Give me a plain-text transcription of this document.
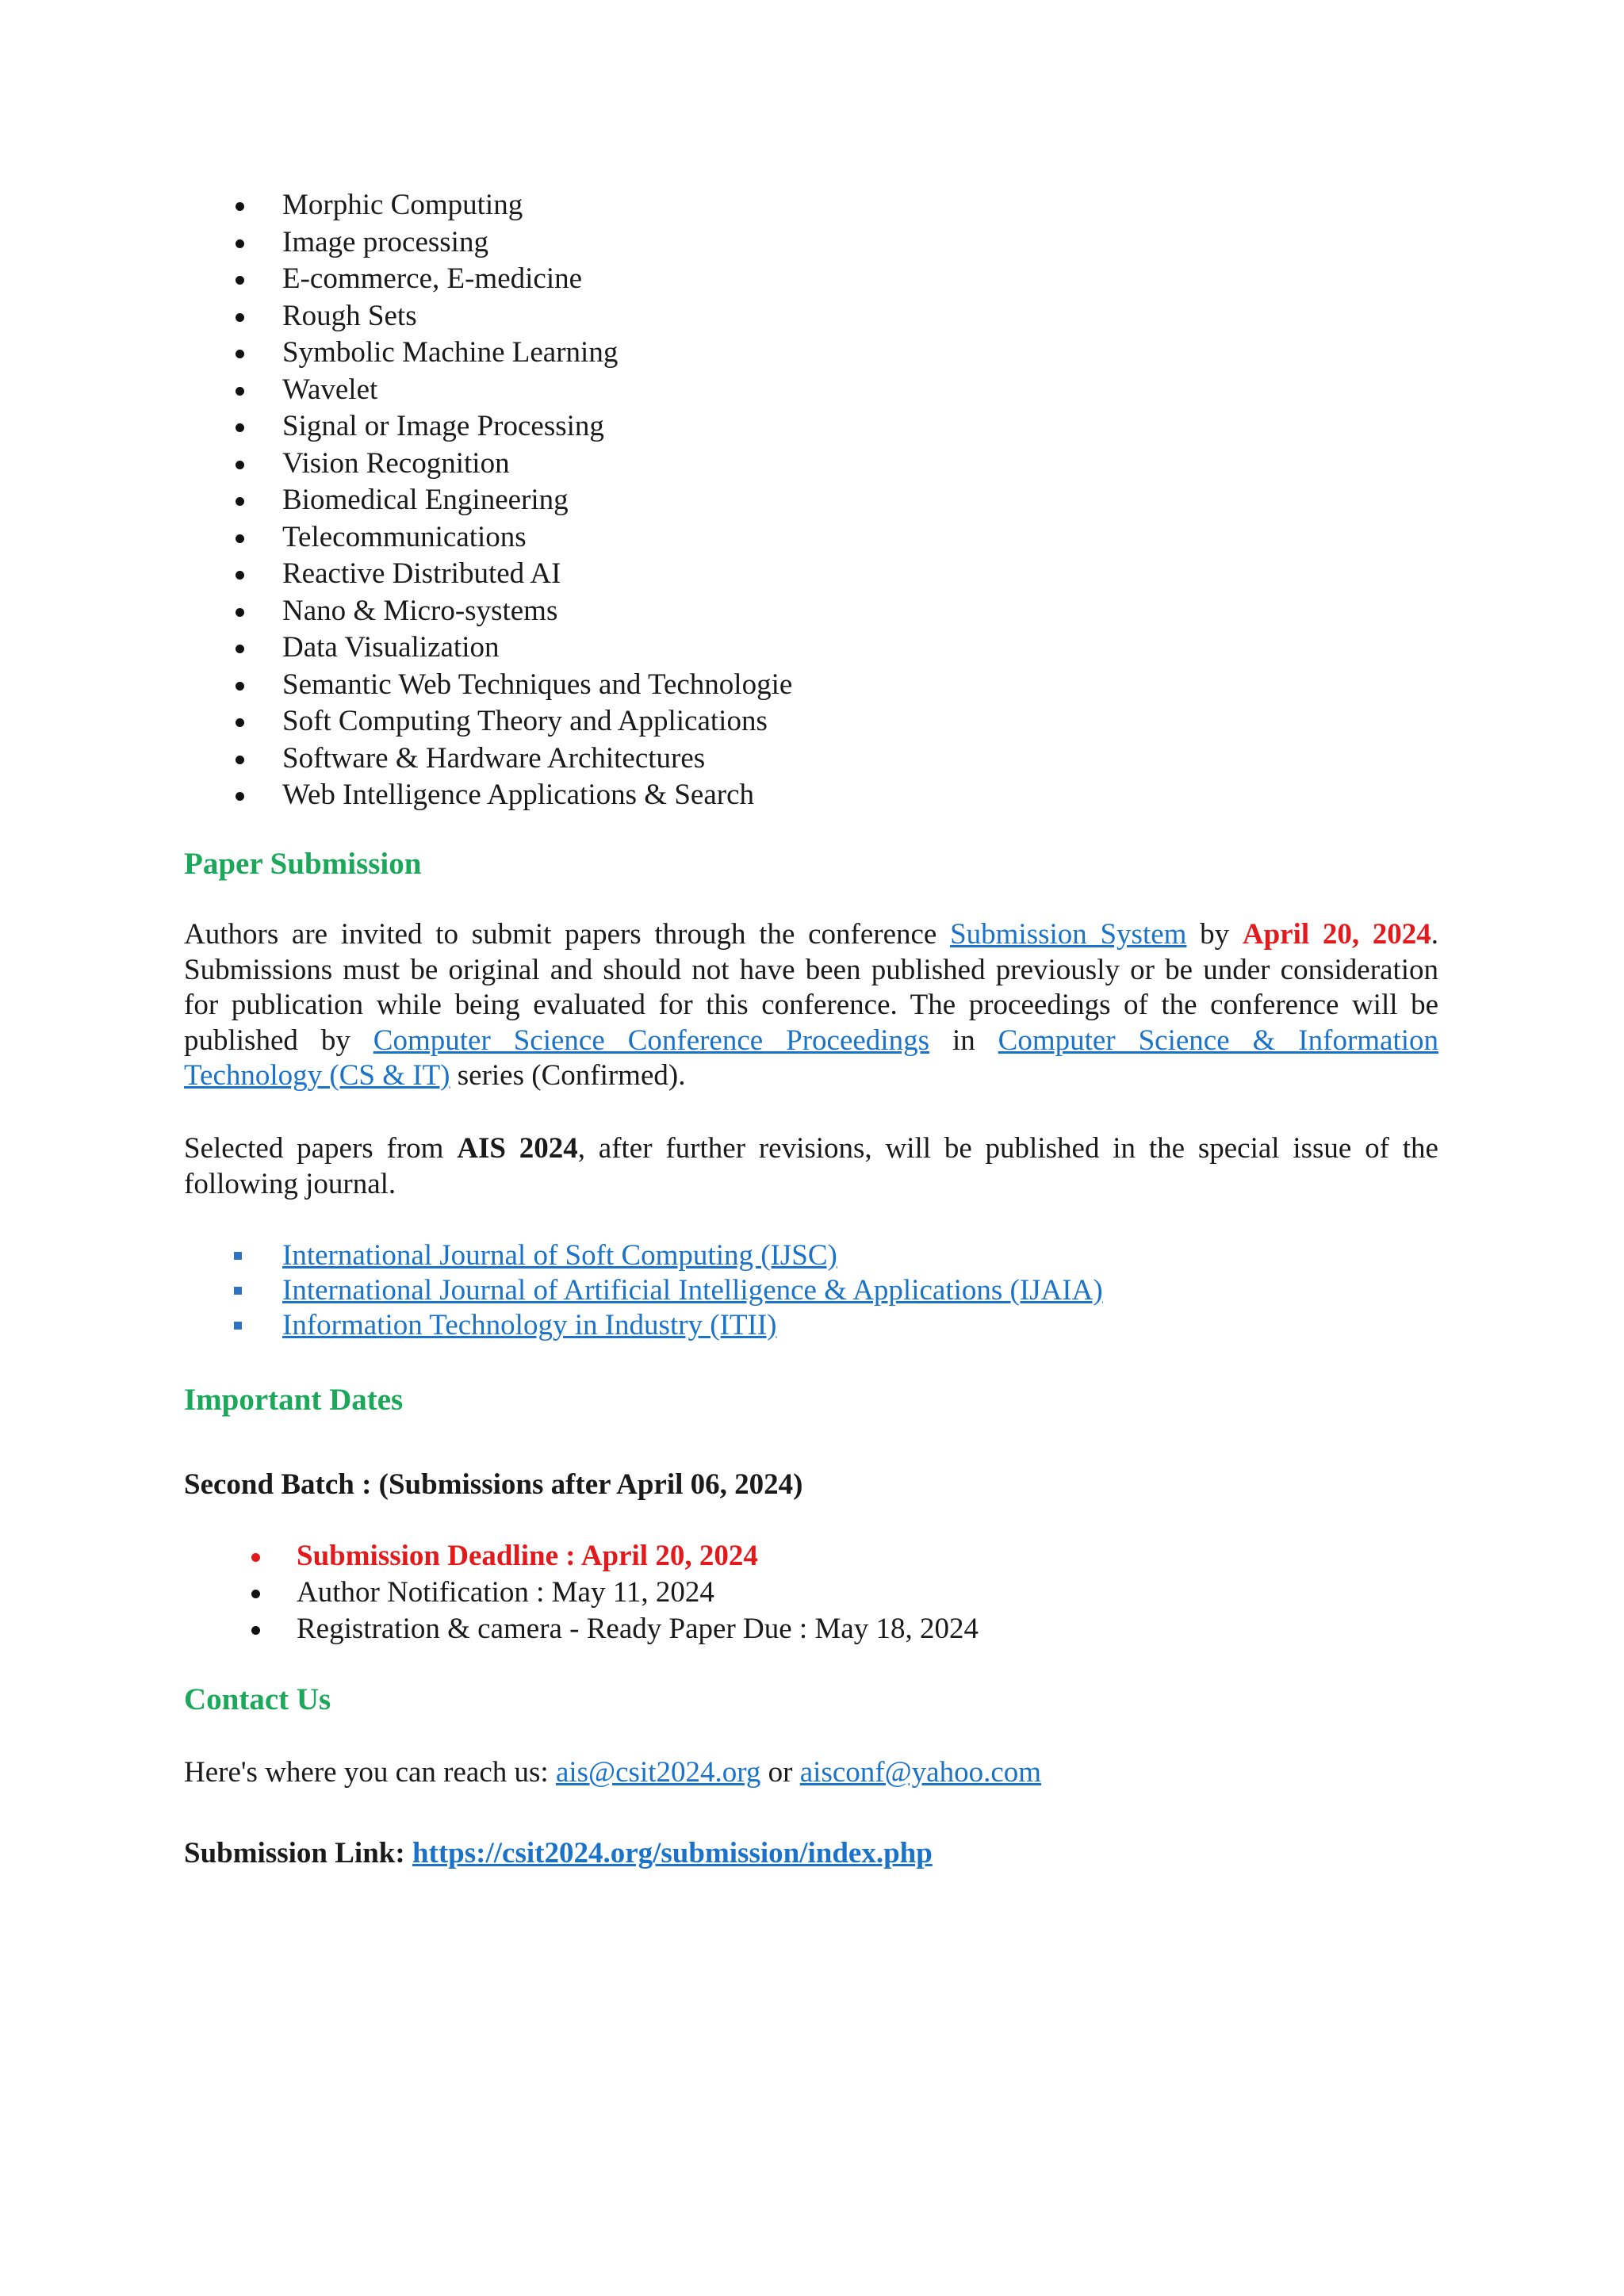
Morphic Computing
Image processing
E-commerce, E-medicine
Rough Sets
Symbolic Machine Learning
Wavelet
Signal or Image Processing
Vision Recognition
Biomedical Engineering
Telecommunications
Reactive Distributed AI
Nano & Micro-systems
Data Visualization
Semantic Web Techniques and Technologie
Soft Computing Theory and Applications
Software & Hardware Architectures
Web Intelligence Applications & Search
Paper Submission
Authors are invited to submit papers through the conference Submission System by April 20, 2024.
Submissions must be original and should not have been published previously or be under consideration
for publication while being evaluated for this conference. The proceedings of the conference will be
published by Computer Science Conference Proceedings in Computer Science & Information
Technology (CS & IT) series (Confirmed).
Selected papers from AIS 2024, after further revisions, will be published in the special issue of the
following journal.
International Journal of Soft Computing (IJSC)
International Journal of Artificial Intelligence & Applications (IJAIA)
Information Technology in Industry (ITII)
Important Dates

Second Batch : (Submissions after April 06, 2024)

Submission Deadline : April 20, 2024
Author Notification : May 11, 2024
Registration & camera - Ready Paper Due : May 18, 2024
Contact Us

Here's where you can reach us: ais@csit2024.org or aisconf@yahoo.com

Submission Link: https://csit2024.org/submission/index.php
